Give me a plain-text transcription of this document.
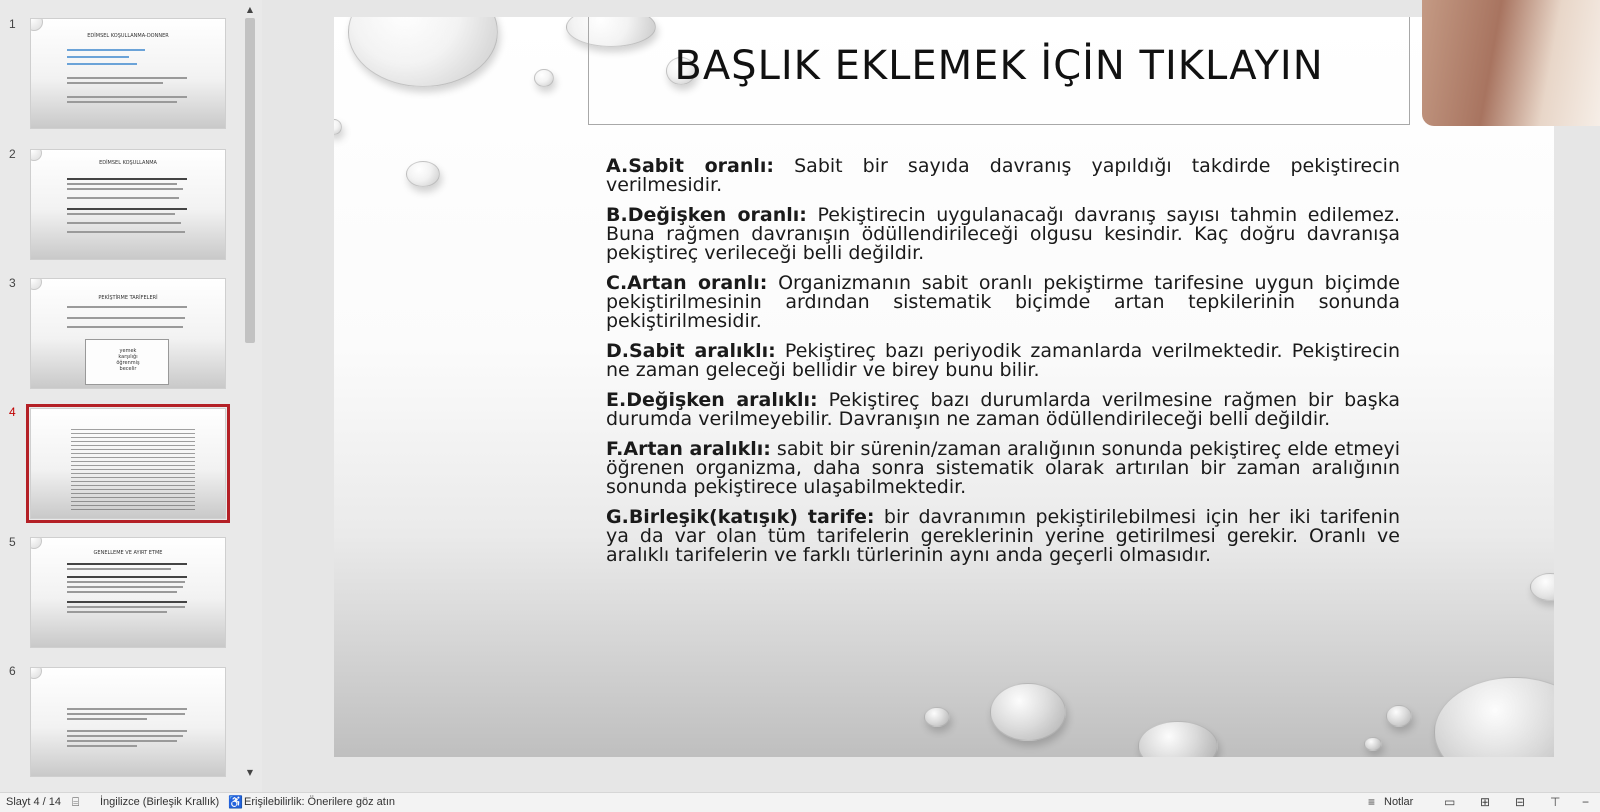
1
EDİMSEL KOŞULLANMA-DONNER
2
EDİMSEL KOŞULLANMA
3
PEKİŞTİRME TARİFELERİ
yemek
karşılığı
öğrenmiş
becelir
4
5
GENELLEME VE AYIRT ETME
6
▲
▼
BAŞLIK EKLEMEK İÇİN TIKLAYIN
A.Sabit oranlı: Sabit bir sayıda davranış yapıldığı takdirde pekiştirecin verilmesidir.
B.Değişken oranlı: Pekiştirecin uygulanacağı davranış sayısı tahmin edilemez. Buna rağmen davranışın ödüllendirileceği olgusu kesindir. Kaç doğru davranışa pekiştireç verileceği belli değildir.
C.Artan oranlı: Organizmanın sabit oranlı pekiştirme tarifesine uygun biçimde pekiştirilmesinin ardından sistematik biçimde artan tepkilerinin sonunda pekiştirilmesidir.
D.Sabit aralıklı: Pekiştireç bazı periyodik zamanlarda verilmektedir. Pekiştirecin ne zaman geleceği bellidir ve birey bunu bilir.
E.Değişken aralıklı: Pekiştireç bazı durumlarda verilmesine rağmen bir başka durumda verilmeyebilir. Davranışın ne zaman ödüllendirileceği belli değildir.
F.Artan aralıklı: sabit bir sürenin/zaman aralığının sonunda pekiştireç elde etmeyi öğrenen organizma, daha sonra sistematik olarak artırılan bir zaman aralığının sonunda pekiştirece ulaşabilmektedir.
G.Birleşik(katışık) tarife: bir davranımın pekiştirilebilmesi için her iki tarifenin ya da var olan tüm tarifelerin gereklerinin yerine getirilmesi gerekir. Oranlı ve aralıklı tarifelerin ve farklı türlerinin aynı anda geçerli olmasıdır.
Slayt 4 / 14 ⌸ İngilizce (Birleşik Krallık) ♿ Erişilebilirlik: Önerilere göz atın	≡ Notlar	▭ ⊞ ⊟ ⊤ −
